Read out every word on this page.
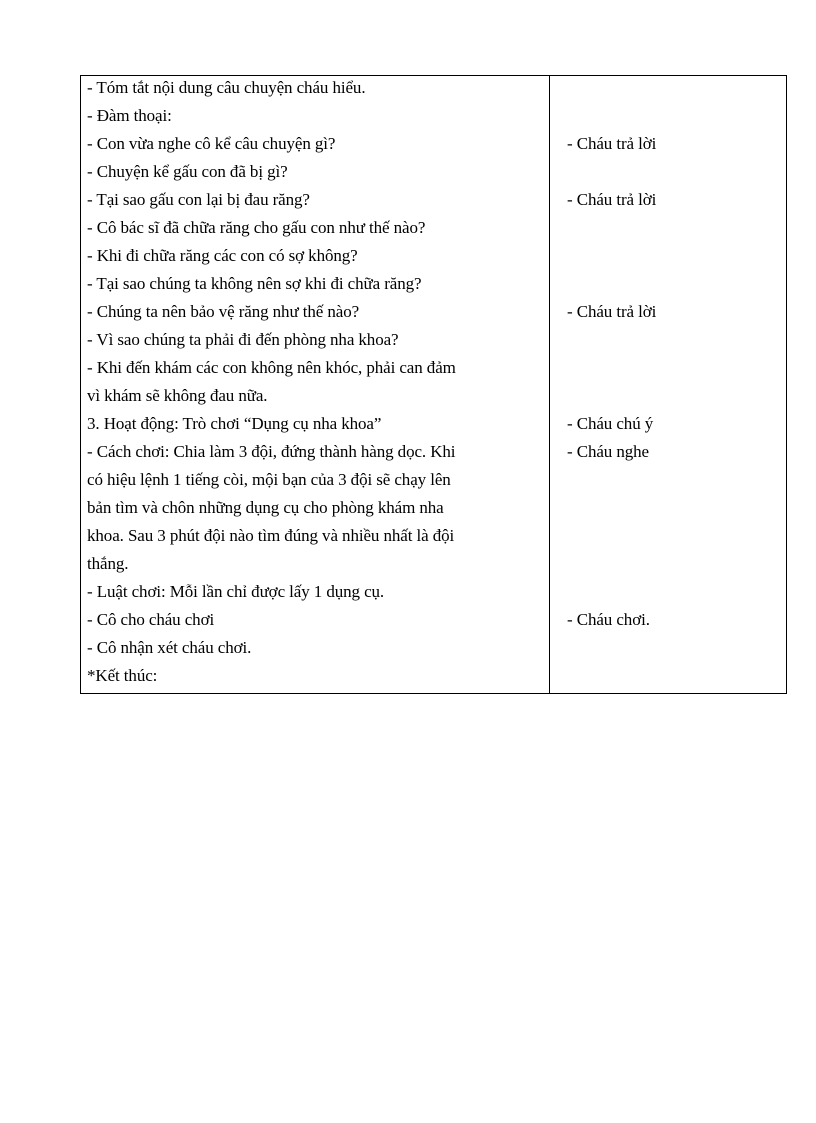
- Tóm tắt nội dung câu chuyện cháu hiểu.
- Đàm thoại:
- Con vừa nghe cô kể câu chuyện gì?
- Chuyện kể gấu con đã bị gì?
- Tại sao gấu con lại bị đau răng?
- Cô bác sĩ đã chữa răng cho gấu con như thế nào?
- Khi đi chữa răng các con có sợ không?
- Tại sao chúng ta không nên sợ khi đi chữa răng?
- Chúng ta nên bảo vệ răng như thế nào?
- Vì sao chúng ta phải đi đến phòng nha khoa?
- Khi đến khám các con không nên khóc, phải can đảm
vì khám sẽ không đau nữa.
3. Hoạt động: Trò chơi “Dụng cụ nha khoa”
- Cách chơi: Chia làm 3 đội, đứng thành hàng dọc. Khi
có hiệu lệnh 1 tiếng còi, mội bạn của 3 đội sẽ chạy lên
bản tìm và chôn những dụng cụ cho phòng khám nha
khoa. Sau 3 phút đội nào tìm đúng và nhiều nhất là đội
thắng.
- Luật chơi: Mỗi lần chỉ được lấy 1 dụng cụ.
- Cô cho cháu chơi
- Cô nhận xét cháu chơi.
*Kết thúc:
- Cháu trả lời
- Cháu trả lời
- Cháu trả lời
- Cháu chú ý
- Cháu nghe
- Cháu chơi.
